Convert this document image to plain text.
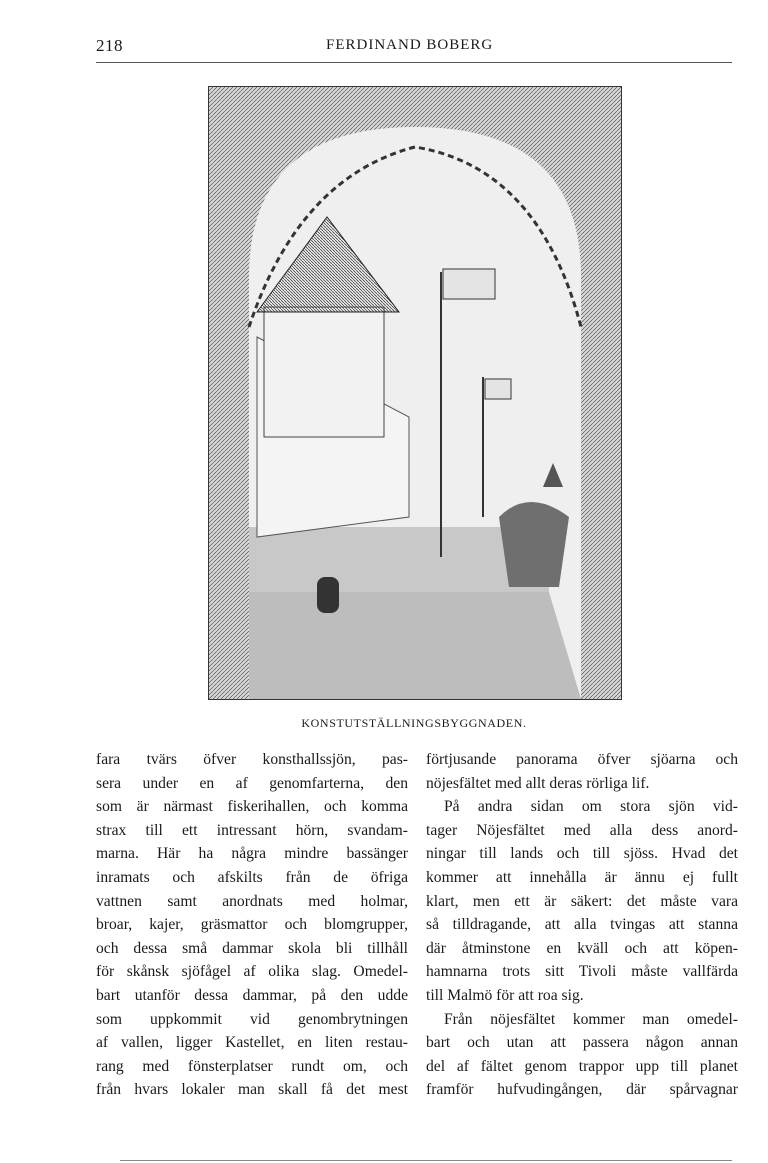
218	FERDINAND BOBERG
KONSTUTSTÄLLNINGSBYGGNADEN.
fara tvärs öfver konsthallssjön, pas-
sera under en af genomfarterna, den
som är närmast fiskerihallen, och komma
strax till ett intressant hörn, svandam-
marna. Här ha några mindre bassänger
inramats och afskilts från de öfriga
vattnen samt anordnats med holmar,
broar, kajer, gräsmattor och blomgrupper,
och dessa små dammar skola bli tillhåll
för skånsk sjöfågel af olika slag. Omedel-
bart utanför dessa dammar, på den udde
som uppkommit vid genombrytningen
af vallen, ligger Kastellet, en liten restau-
rang med fönsterplatser rundt om, och
från hvars lokaler man skall få det mest
förtjusande panorama öfver sjöarna och
nöjesfältet med allt deras rörliga lif.
På andra sidan om stora sjön vid-
tager Nöjesfältet med alla dess anord-
ningar till lands och till sjöss. Hvad det
kommer att innehålla är ännu ej fullt
klart, men ett är säkert: det måste vara
så tilldragande, att alla tvingas att stanna
där åtminstone en kväll och att köpen-
hamnarna trots sitt Tivoli måste vallfärda
till Malmö för att roa sig.
Från nöjesfältet kommer man omedel-
bart och utan att passera någon annan
del af fältet genom trappor upp till planet
framför hufvudingången, där spårvagnar
